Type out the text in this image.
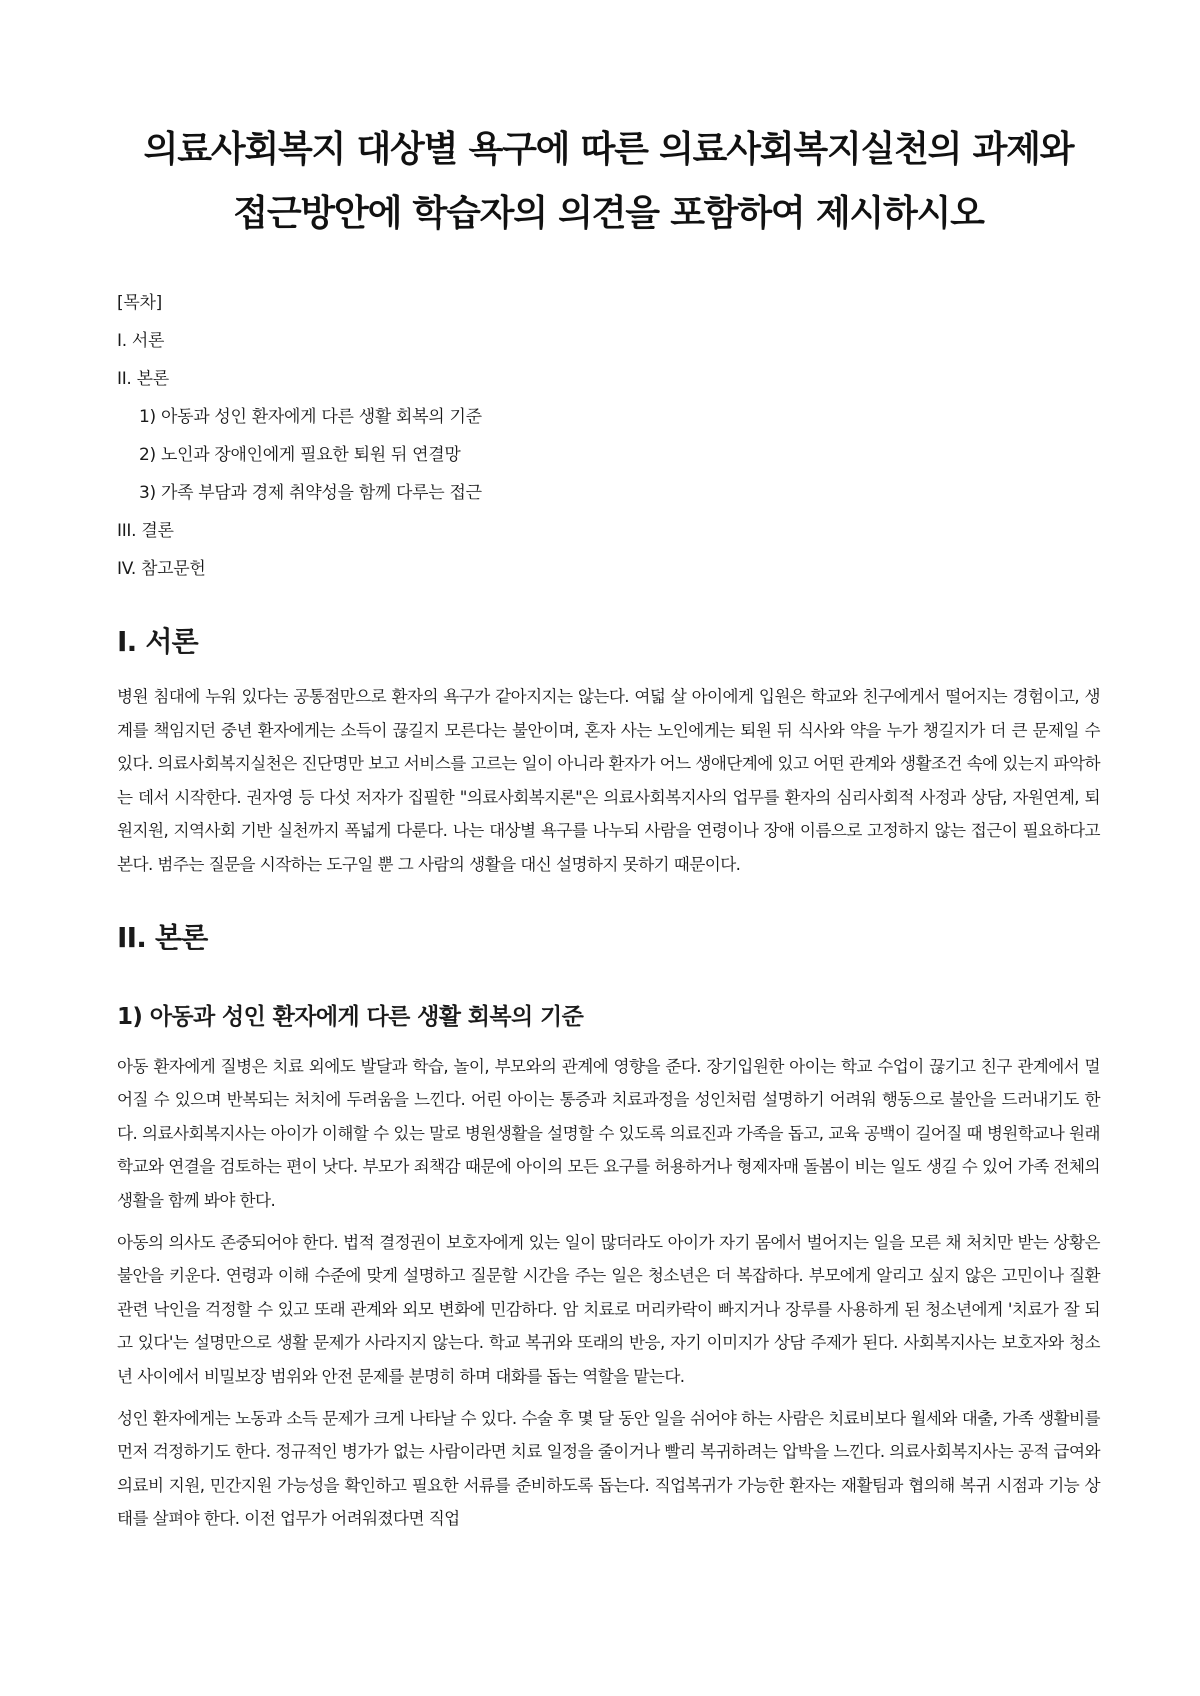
의료사회복지 대상별 욕구에 따른 의료사회복지실천의 과제와
접근방안에 학습자의 의견을 포함하여 제시하시오

[목차]

I. 서론
II. 본론
1) 아동과 성인 환자에게 다른 생활 회복의 기준
2) 노인과 장애인에게 필요한 퇴원 뒤 연결망
3) 가족 부담과 경제 취약성을 함께 다루는 접근
III. 결론
IV. 참고문헌
I. 서론

병원 침대에 누워 있다는 공통점만으로 환자의 욕구가 같아지지는 않는다. 여덟 살 아이에게 입원은 학교와 친구에게서 떨어지는 경험이고, 생계를 책임지던 중년 환자에게는 소득이 끊길지 모른다는 불안이며, 혼자 사는 노인에게는 퇴원 뒤 식사와 약을 누가 챙길지가 더 큰 문제일 수 있다. 의료사회복지실천은 진단명만 보고 서비스를 고르는 일이 아니라 환자가 어느 생애단계에 있고 어떤 관계와 생활조건 속에 있는지 파악하는 데서 시작한다. 권자영 등 다섯 저자가 집필한 "의료사회복지론"은 의료사회복지사의 업무를 환자의 심리사회적 사정과 상담, 자원연계, 퇴원지원, 지역사회 기반 실천까지 폭넓게 다룬다. 나는 대상별 욕구를 나누되 사람을 연령이나 장애 이름으로 고정하지 않는 접근이 필요하다고 본다. 범주는 질문을 시작하는 도구일 뿐 그 사람의 생활을 대신 설명하지 못하기 때문이다.

II. 본론
1) 아동과 성인 환자에게 다른 생활 회복의 기준

아동 환자에게 질병은 치료 외에도 발달과 학습, 놀이, 부모와의 관계에 영향을 준다. 장기입원한 아이는 학교 수업이 끊기고 친구 관계에서 멀어질 수 있으며 반복되는 처치에 두려움을 느낀다. 어린 아이는 통증과 치료과정을 성인처럼 설명하기 어려워 행동으로 불안을 드러내기도 한다. 의료사회복지사는 아이가 이해할 수 있는 말로 병원생활을 설명할 수 있도록 의료진과 가족을 돕고, 교육 공백이 길어질 때 병원학교나 원래 학교와 연결을 검토하는 편이 낫다. 부모가 죄책감 때문에 아이의 모든 요구를 허용하거나 형제자매 돌봄이 비는 일도 생길 수 있어 가족 전체의 생활을 함께 봐야 한다.

아동의 의사도 존중되어야 한다. 법적 결정권이 보호자에게 있는 일이 많더라도 아이가 자기 몸에서 벌어지는 일을 모른 채 처치만 받는 상황은 불안을 키운다. 연령과 이해 수준에 맞게 설명하고 질문할 시간을 주는 일은 청소년은 더 복잡하다. 부모에게 알리고 싶지 않은 고민이나 질환 관련 낙인을 걱정할 수 있고 또래 관계와 외모 변화에 민감하다. 암 치료로 머리카락이 빠지거나 장루를 사용하게 된 청소년에게 '치료가 잘 되고 있다'는 설명만으로 생활 문제가 사라지지 않는다. 학교 복귀와 또래의 반응, 자기 이미지가 상담 주제가 된다. 사회복지사는 보호자와 청소년 사이에서 비밀보장 범위와 안전 문제를 분명히 하며 대화를 돕는 역할을 맡는다.

성인 환자에게는 노동과 소득 문제가 크게 나타날 수 있다. 수술 후 몇 달 동안 일을 쉬어야 하는 사람은 치료비보다 월세와 대출, 가족 생활비를 먼저 걱정하기도 한다. 정규적인 병가가 없는 사람이라면 치료 일정을 줄이거나 빨리 복귀하려는 압박을 느낀다. 의료사회복지사는 공적 급여와 의료비 지원, 민간지원 가능성을 확인하고 필요한 서류를 준비하도록 돕는다. 직업복귀가 가능한 환자는 재활팀과 협의해 복귀 시점과 기능 상태를 살펴야 한다. 이전 업무가 어려워졌다면 직업
